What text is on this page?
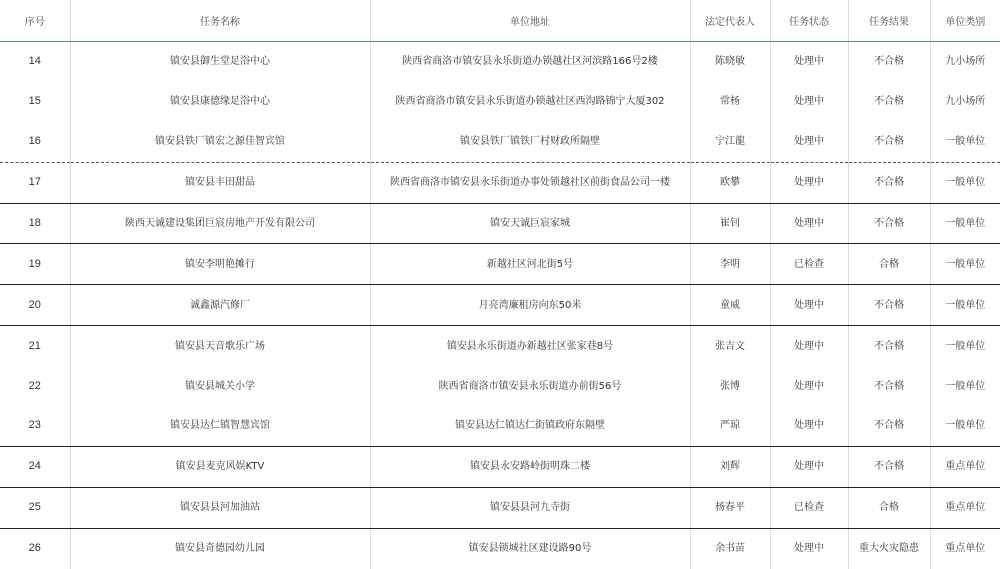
序号	任务名称	单位地址	法定代表人	任务状态	任务结果	单位类别
14	镇安县御生堂足浴中心	陕西省商洛市镇安县永乐街道办锁越社区河滨路166号2楼	陈晓敏	处理中	不合格	九小场所
15	镇安县康德缘足浴中心	陕西省商洛市镇安县永乐街道办锁越社区西沟路锦宁大厦302	常杨	处理中	不合格	九小场所
16	镇安县铁厂镇宏之源佳智宾馆	镇安县铁厂镇铁厂村财政所隔壁	宁江龍	处理中	不合格	一般单位
17	镇安县丰田甜品	陕西省商洛市镇安县永乐街道办事处锁越社区前街食品公司一楼	欧攀	处理中	不合格	一般单位
18	陕西天诚建设集团巨宸房地产开发有限公司	镇安天诚巨宸家城	崔钊	处理中	不合格	一般单位
19	镇安李明艳摊行	新越社区河北街5号	李明	已检查	合格	一般单位
20	诚鑫源汽修厂	月亮湾廉租房向东50米	童威	处理中	不合格	一般单位
21	镇安县天音歌乐广场	镇安县永乐街道办新越社区张家巷8号	张吉文	处理中	不合格	一般单位
22	镇安县城关小学	陕西省商洛市镇安县永乐街道办前街56号	张博	处理中	不合格	一般单位
23	镇安县达仁镇智慧宾馆	镇安县达仁镇达仁街镇政府东隔壁	严琼	处理中	不合格	一般单位
24	镇安县麦克风娱KTV	镇安县永安路岭街明珠二楼	刘辉	处理中	不合格	重点单位
25	镇安县县河加油站	镇安县县河九寺街	杨春平	已检查	合格	重点单位
26	镇安县奇德园幼儿园	镇安县锁城社区建设路90号	余书苗	处理中	重大火灾隐患	重点单位
